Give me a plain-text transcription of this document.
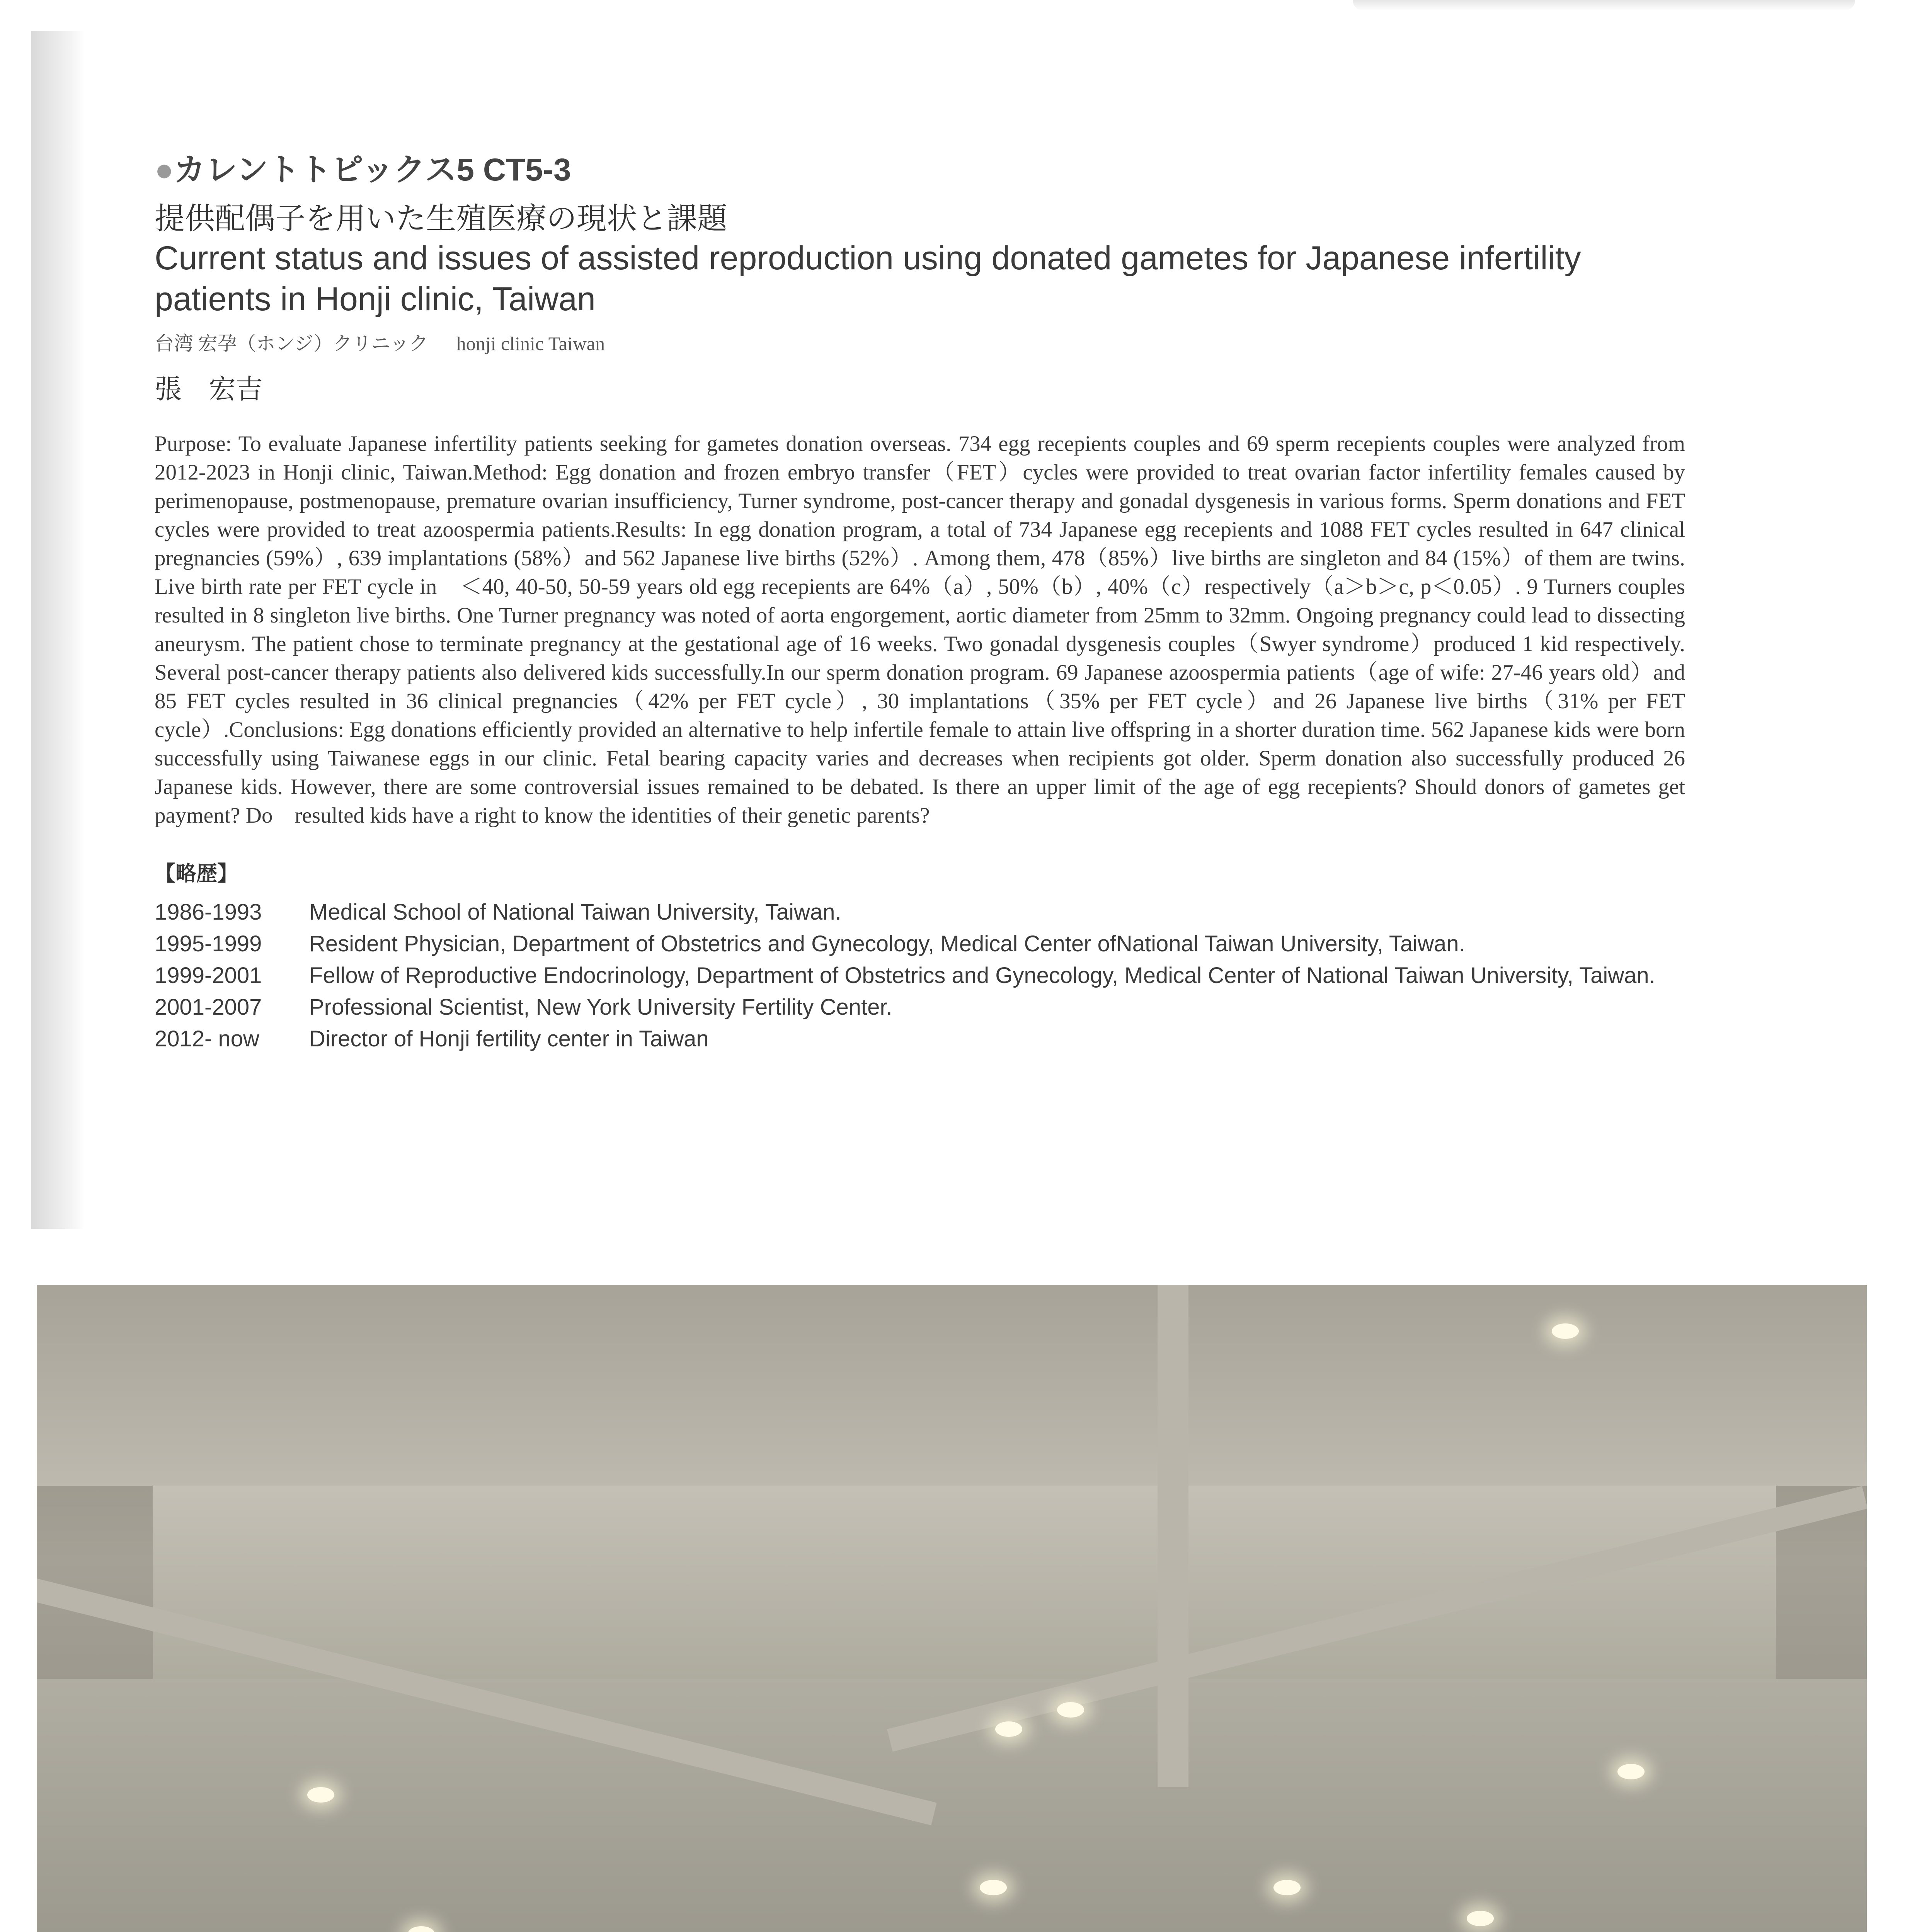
●カレントトピックス5 CT5-3
提供配偶子を用いた生殖医療の現状と課題
Current status and issues of assisted reproduction using donated gametes for Japanese infertility patients in Honji clinic, Taiwan
台湾 宏孕（ホンジ）クリニック honji clinic Taiwan
張　宏吉
Purpose: To evaluate Japanese infertility patients seeking for gametes donation overseas. 734 egg recepients couples and 69 sperm recepients couples were analyzed from 2012-2023 in Honji clinic, Taiwan.Method: Egg donation and frozen embryo transfer（FET）cycles were provided to treat ovarian factor infertility females caused by perimenopause, postmenopause, premature ovarian insufficiency, Turner syndrome, post-cancer therapy and gonadal dysgenesis in various forms. Sperm donations and FET cycles were provided to treat azoospermia patients.Results: In egg donation program, a total of 734 Japanese egg recepients and 1088 FET cycles resulted in 647 clinical pregnancies (59%）, 639 implantations (58%）and 562 Japanese live births (52%）. Among them, 478（85%）live births are singleton and 84 (15%）of them are twins. Live birth rate per FET cycle in　＜40, 40-50, 50-59 years old egg recepients are 64%（a）, 50%（b）, 40%（c）respectively（a＞b＞c, p＜0.05）. 9 Turners couples resulted in 8 singleton live births. One Turner pregnancy was noted of aorta engorgement, aortic diameter from 25mm to 32mm. Ongoing pregnancy could lead to dissecting aneurysm. The patient chose to terminate pregnancy at the gestational age of 16 weeks. Two gonadal dysgenesis couples（Swyer syndrome）produced 1 kid respectively. Several post-cancer therapy patients also delivered kids successfully.In our sperm donation program. 69 Japanese azoospermia patients（age of wife: 27-46 years old）and 85 FET cycles resulted in 36 clinical pregnancies（42% per FET cycle）, 30 implantations（35% per FET cycle）and 26 Japanese live births（31% per FET cycle）.Conclusions: Egg donations efficiently provided an alternative to help infertile female to attain live offspring in a shorter duration time. 562 Japanese kids were born successfully using Taiwanese eggs in our clinic. Fetal bearing capacity varies and decreases when recipients got older. Sperm donation also successfully produced 26 Japanese kids. However, there are some controversial issues remained to be debated. Is there an upper limit of the age of egg recepients? Should donors of gametes get payment? Do　resulted kids have a right to know the identities of their genetic parents?
【略歴】
1986-1993	Medical School of National Taiwan University, Taiwan.
1995-1999	Resident Physician, Department of Obstetrics and Gynecology, Medical Center ofNational Taiwan University, Taiwan.
1999-2001	Fellow of Reproductive Endocrinology, Department of Obstetrics and Gynecology, Medical Center of National Taiwan University, Taiwan.
2001-2007	Professional Scientist, New York University Fertility Center.
2012- now	Director of Honji fertility center in Taiwan
